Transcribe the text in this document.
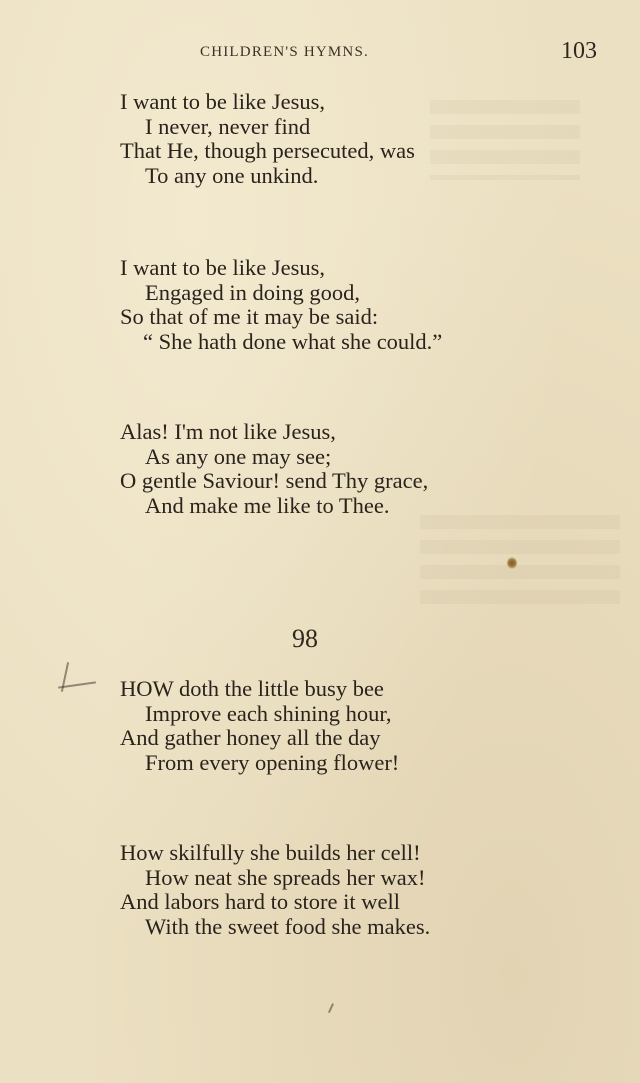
CHILDREN'S HYMNS.	103
I want to be like Jesus,
I never, never find
That He, though persecuted, was
To any one unkind.
I want to be like Jesus,
Engaged in doing good,
So that of me it may be said:
“ She hath done what she could.”
Alas! I'm not like Jesus,
As any one may see;
O gentle Saviour! send Thy grace,
And make me like to Thee.
98
HOW doth the little busy bee
Improve each shining hour,
And gather honey all the day
From every opening flower!
How skilfully she builds her cell!
How neat she spreads her wax!
And labors hard to store it well
With the sweet food she makes.
